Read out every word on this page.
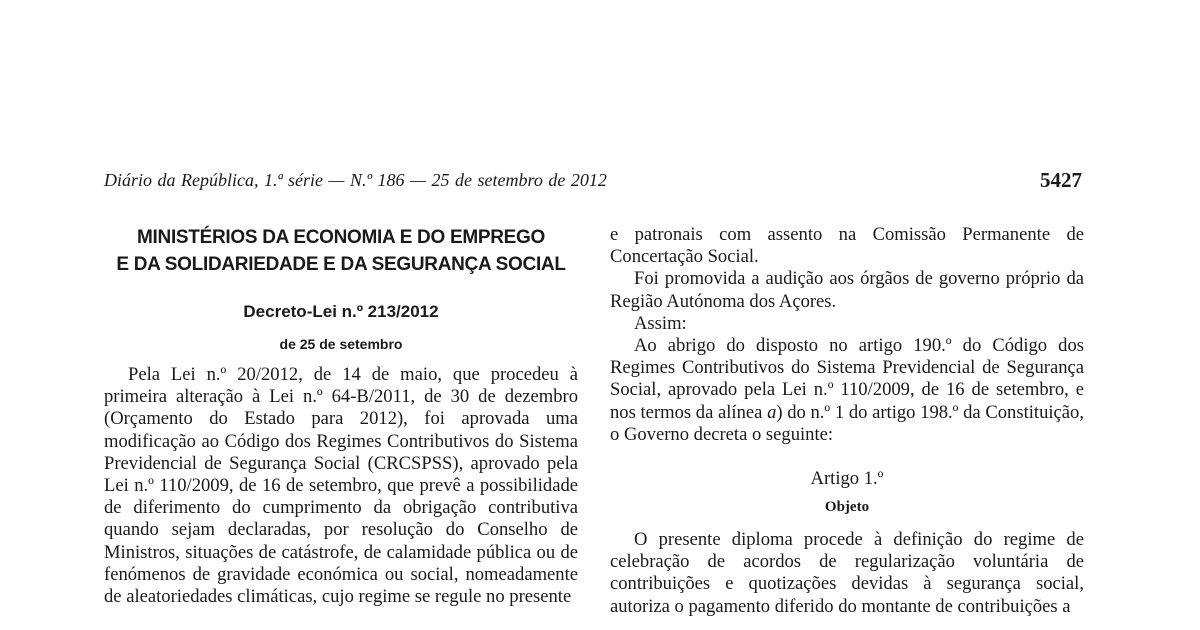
Diário da República, 1.ª série — N.º 186 — 25 de setembro de 2012	5427
MINISTÉRIOS DA ECONOMIA E DO EMPREGO
E DA SOLIDARIEDADE E DA SEGURANÇA SOCIAL
Decreto-Lei n.º 213/2012
de 25 de setembro

Pela Lei n.º 20/2012, de 14 de maio, que procedeu à primeira alteração à Lei n.º 64-B/2011, de 30 de dezembro (Orçamento do Estado para 2012), foi aprovada uma modificação ao Código dos Regimes Contributivos do Sistema Previdencial de Segurança Social (CRCSPSS), aprovado pela Lei n.º 110/2009, de 16 de setembro, que prevê a possibilidade de diferimento do cumprimento da obrigação contributiva quando sejam declaradas, por resolução do Conselho de Ministros, situações de catástrofe, de calamidade pública ou de fenómenos de gravidade económica ou social, nomeadamente de aleatoriedades climáticas, cujo regime se regule no presente

e patronais com assento na Comissão Permanente de Concertação Social.

Foi promovida a audição aos órgãos de governo próprio da Região Autónoma dos Açores.

Assim:

Ao abrigo do disposto no artigo 190.º do Código dos Regimes Contributivos do Sistema Previdencial de Segurança Social, aprovado pela Lei n.º 110/2009, de 16 de setembro, e nos termos da alínea a) do n.º 1 do artigo 198.º da Constituição, o Governo decreta o seguinte:

Artigo 1.º
Objeto

O presente diploma procede à definição do regime de celebração de acordos de regularização voluntária de contribuições e quotizações devidas à segurança social, autoriza o pagamento diferido do montante de contribuições a
